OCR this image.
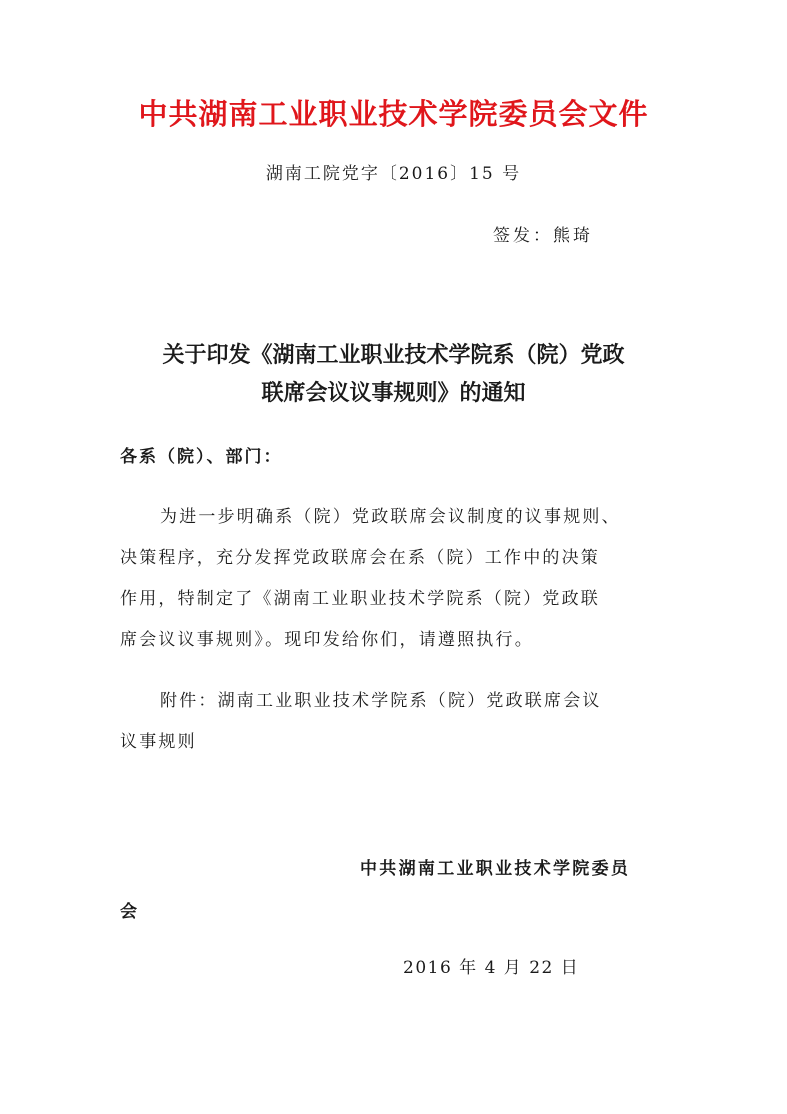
中共湖南工业职业技术学院委员会文件
湖南工院党字〔2016〕15 号
签发：熊琦
关于印发《湖南工业职业技术学院系（院）党政
联席会议议事规则》的通知
各系（院）、部门：
为进一步明确系（院）党政联席会议制度的议事规则、
决策程序，充分发挥党政联席会在系（院）工作中的决策
作用，特制定了《湖南工业职业技术学院系（院）党政联
席会议议事规则》。现印发给你们，请遵照执行。
附件：湖南工业职业技术学院系（院）党政联席会议
议事规则
中共湖南工业职业技术学院委员
会
2016 年 4 月 22 日
